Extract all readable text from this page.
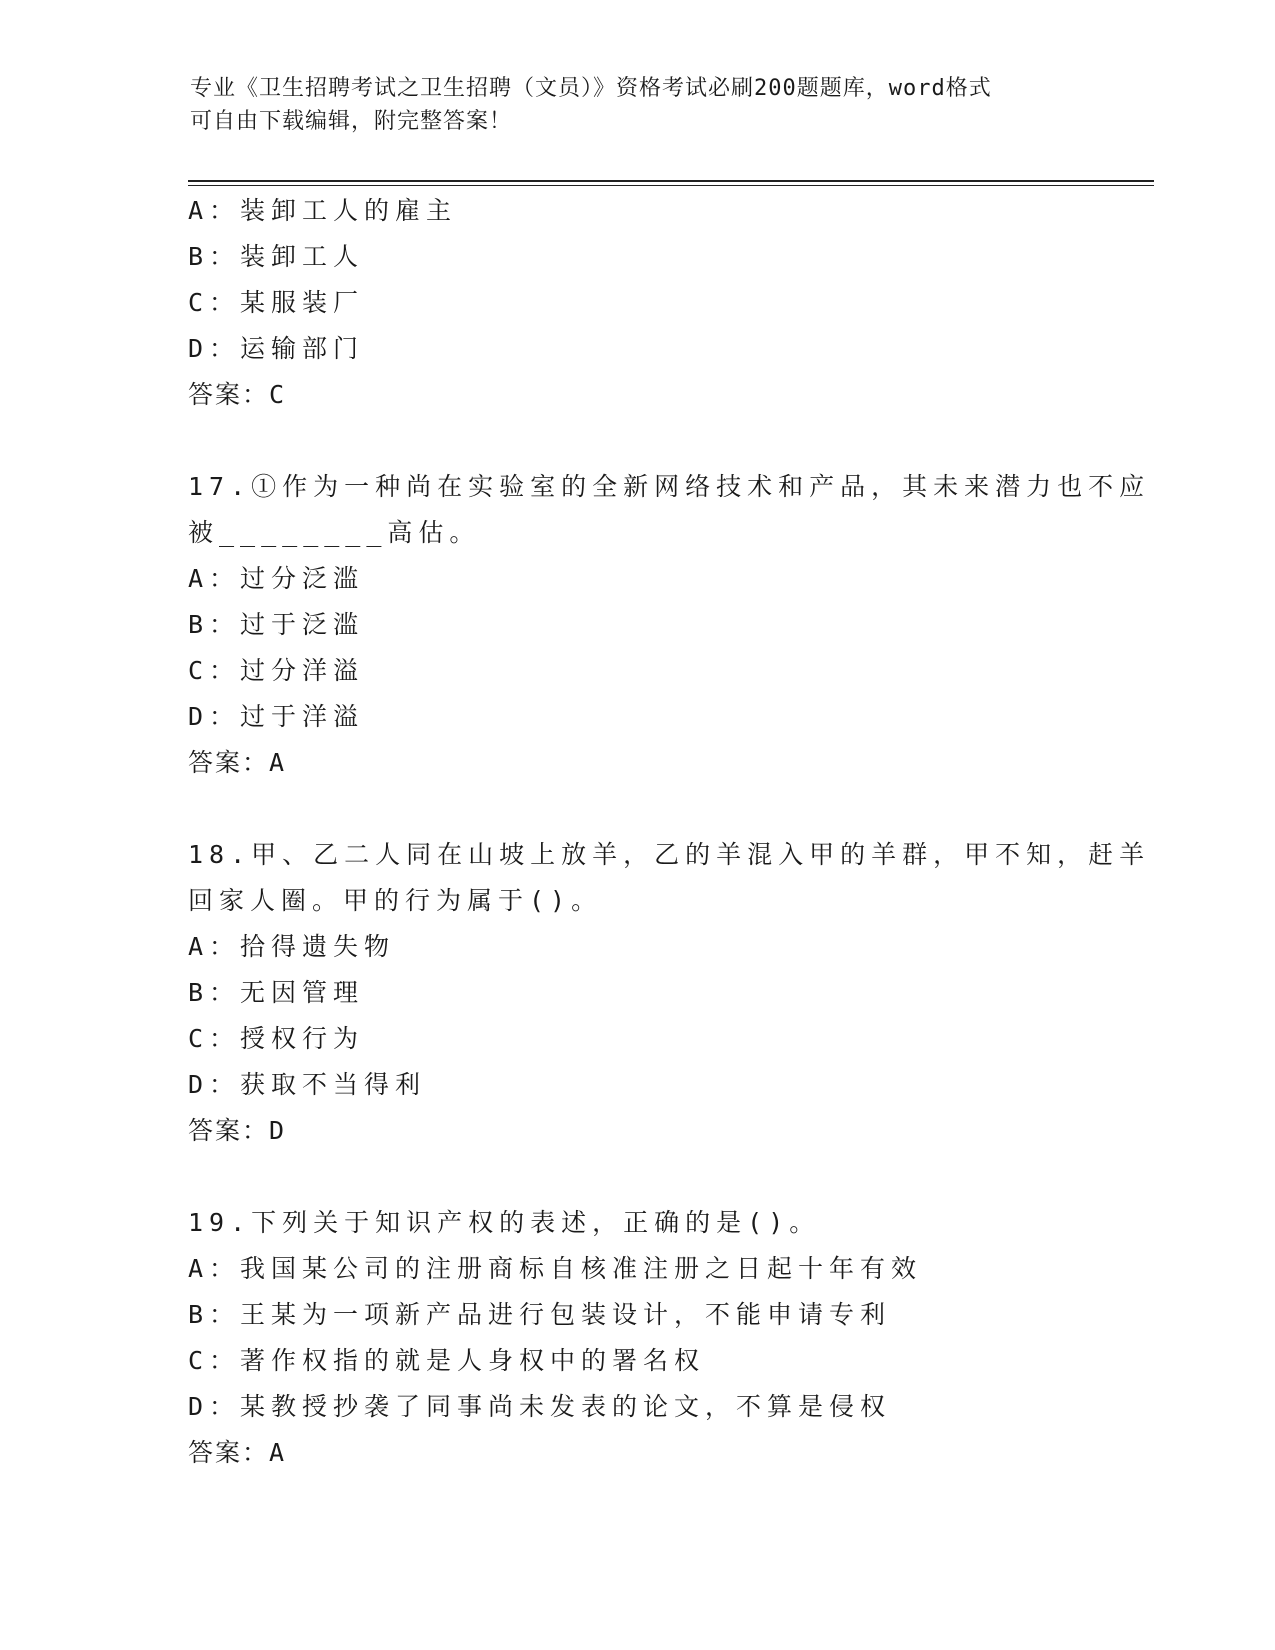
专业《卫生招聘考试之卫生招聘（文员）》资格考试必刷200题题库，word格式
可自由下载编辑，附完整答案！
A：装卸工人的雇主
B：装卸工人
C：某服装厂
D：运输部门
答案：C
17.①作为一种尚在实验室的全新网络技术和产品，其未来潜力也不应
被________高估。
A：过分泛滥
B：过于泛滥
C：过分洋溢
D：过于洋溢
答案：A
18.甲、乙二人同在山坡上放羊，乙的羊混入甲的羊群，甲不知，赶羊
回家人圈。甲的行为属于()。
A：拾得遗失物
B：无因管理
C：授权行为
D：获取不当得利
答案：D
19.下列关于知识产权的表述，正确的是()。
A：我国某公司的注册商标自核准注册之日起十年有效
B：王某为一项新产品进行包装设计，不能申请专利
C：著作权指的就是人身权中的署名权
D：某教授抄袭了同事尚未发表的论文，不算是侵权
答案：A
